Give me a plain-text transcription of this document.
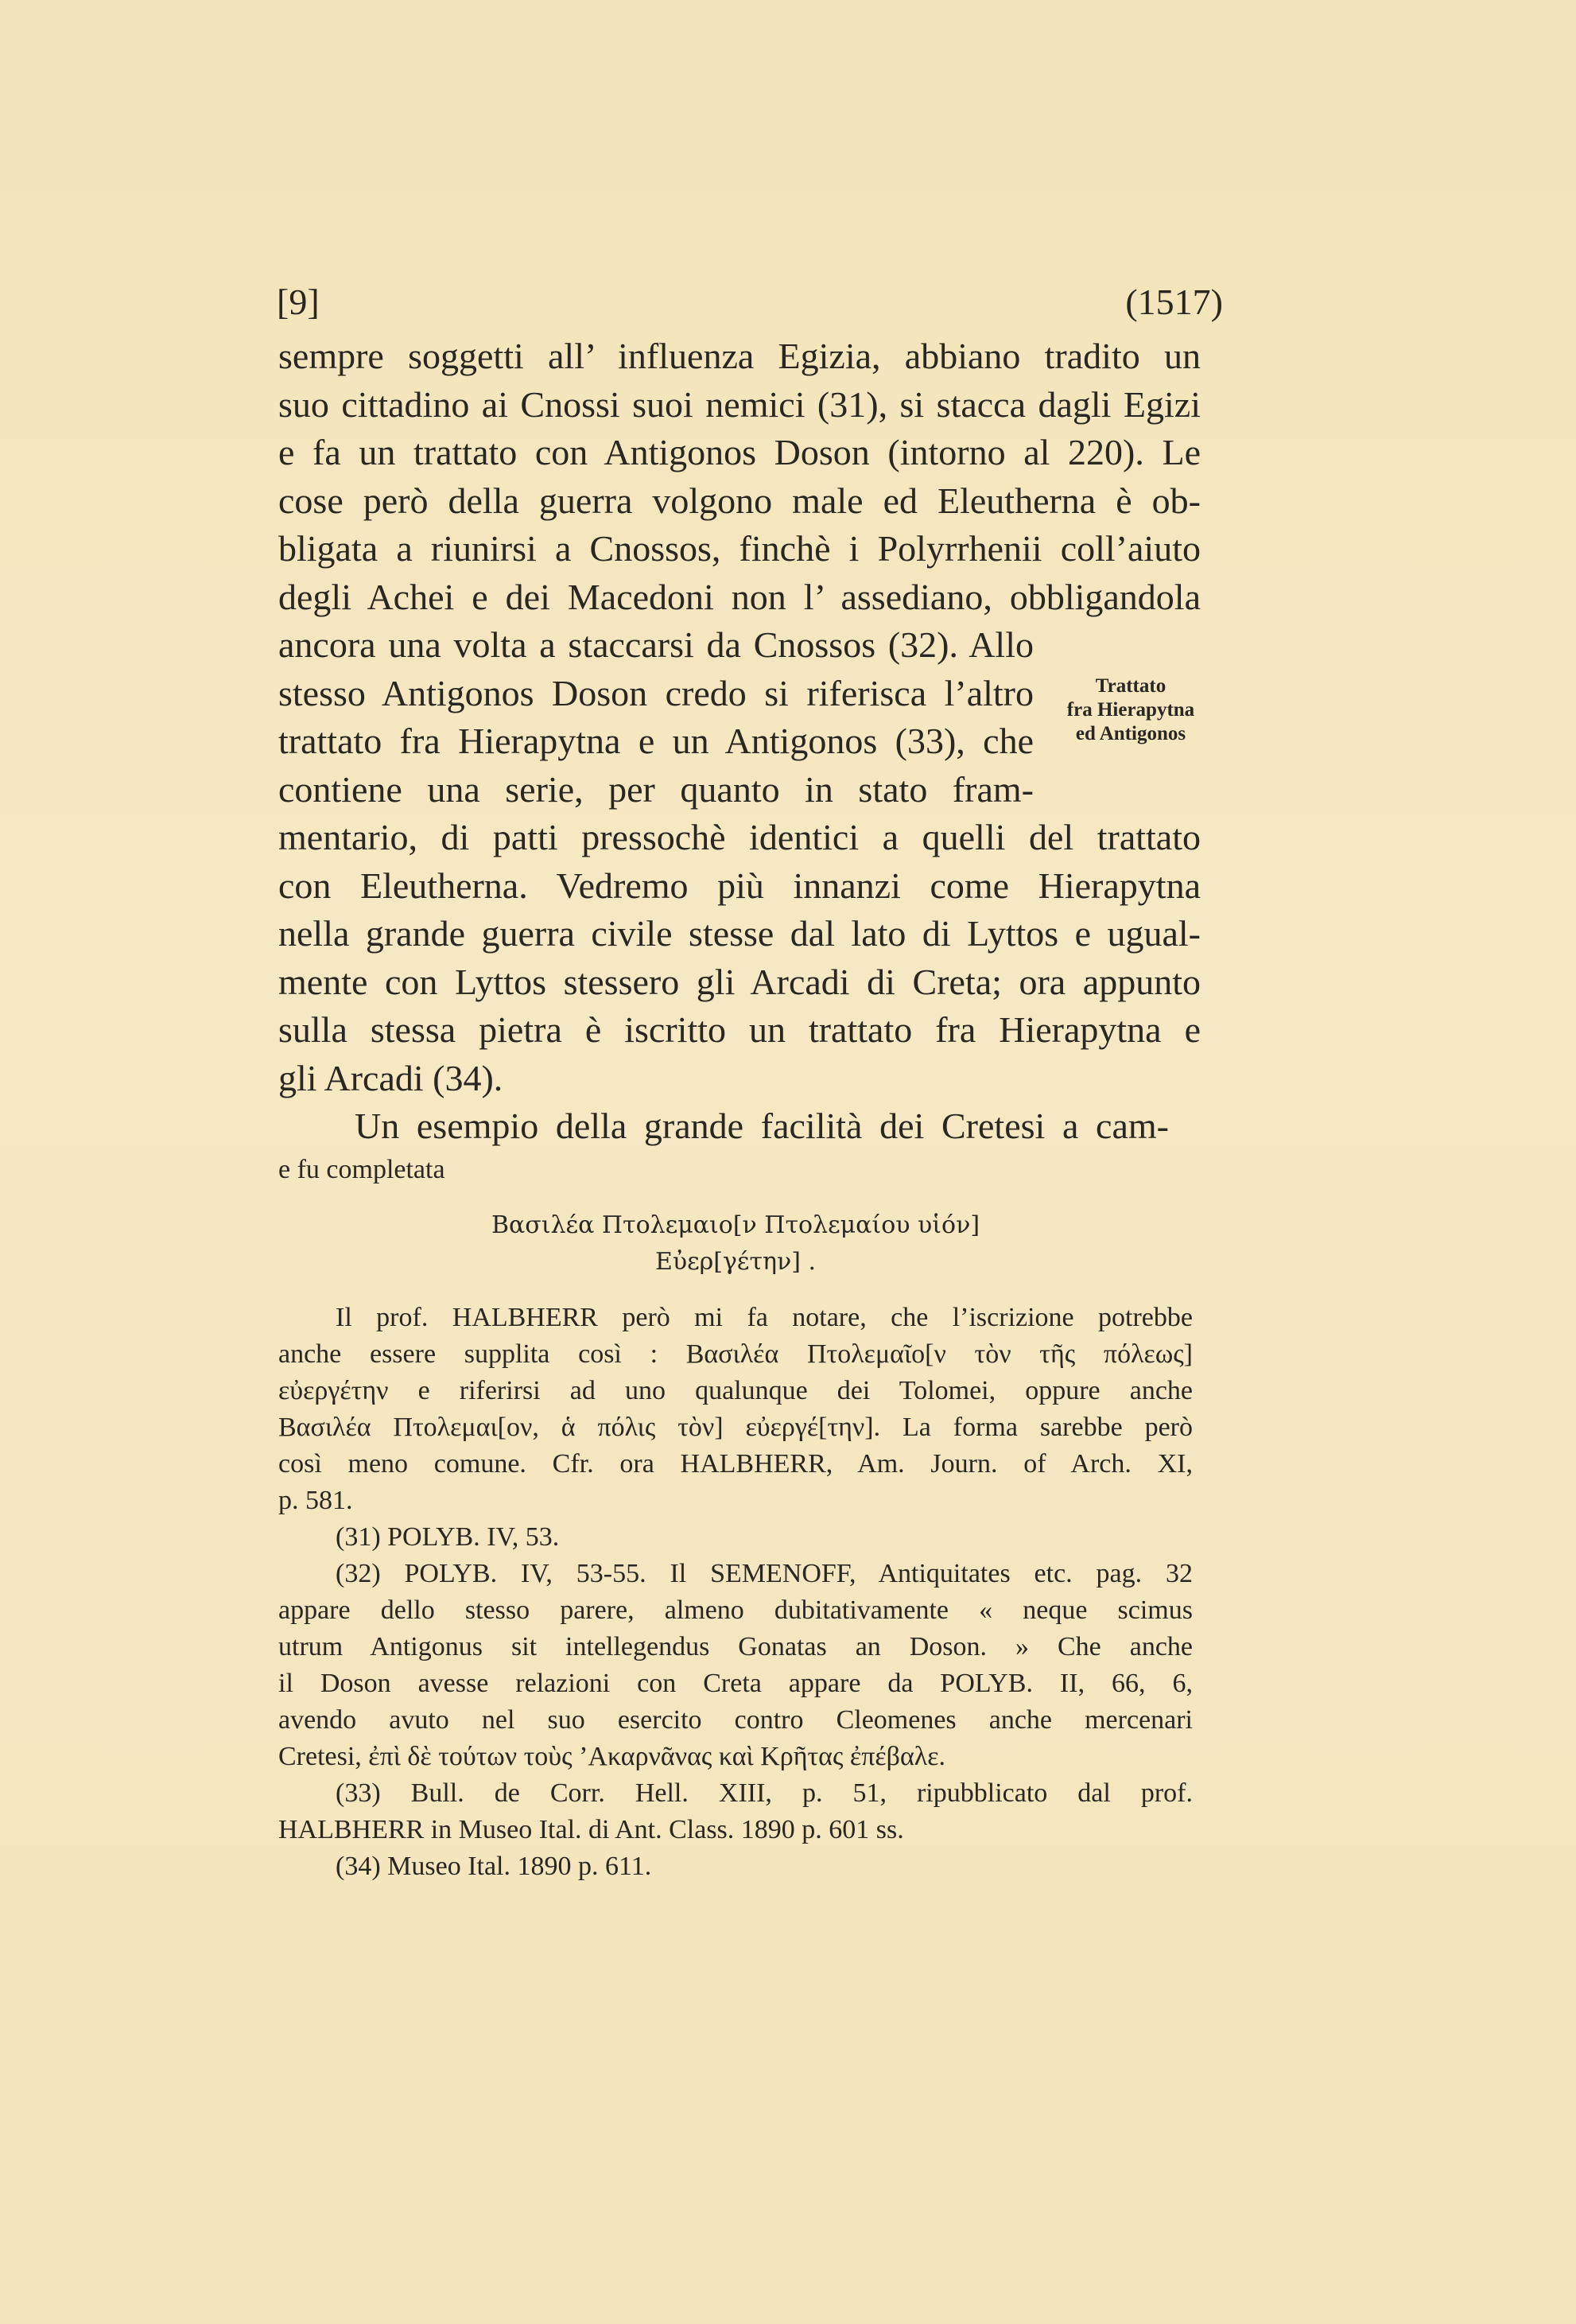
[9]	(1517)
sempre soggetti all’ influenza Egizia, abbiano tradito un
suo cittadino ai Cnossi suoi nemici (31), si stacca dagli Egizi
e fa un trattato con Antigonos Doson (intorno al 220). Le
cose però della guerra volgono male ed Eleutherna è ob-
bligata a riunirsi a Cnossos, finchè i Polyrrhenii coll’aiuto
degli Achei e dei Macedoni non l’ assediano, obbligandola
ancora una volta a staccarsi da Cnossos (32). Allo
stesso Antigonos Doson credo si riferisca l’altro
trattato fra Hierapytna e un Antigonos (33), che
contiene una serie, per quanto in stato fram-
mentario, di patti pressochè identici a quelli del trattato
con Eleutherna. Vedremo più innanzi come Hierapytna
nella grande guerra civile stesse dal lato di Lyttos e ugual-
mente con Lyttos stessero gli Arcadi di Creta; ora appunto
sulla stessa pietra è iscritto un trattato fra Hierapytna e
gli Arcadi (34).
Un esempio della grande facilità dei Cretesi a cam-
Trattato
fra Hierapytna
ed Antigonos
e fu completata
Βασιλέα Πτολεμαιο[ν Πτολεμαίου υἱόν]
Εὐερ[γέτην] .
Il prof. HALBHERR però mi fa notare, che l’iscrizione potrebbe
anche essere supplita così : Βασιλέα Πτολεμαῖο[ν τὸν τῆς πόλεως]
εὐεργέτην e riferirsi ad uno qualunque dei Tolomei, oppure anche
Βασιλέα Πτολεμαι[ον, ἁ πόλις τὸν] εὐεργέ[την]. La forma sarebbe però
così meno comune. Cfr. ora HALBHERR, Am. Journ. of Arch. XI,
p. 581.
(31) POLYB. IV, 53.
(32) POLYB. IV, 53-55. Il SEMENOFF, Antiquitates etc. pag. 32
appare dello stesso parere, almeno dubitativamente « neque scimus
utrum Antigonus sit intellegendus Gonatas an Doson. » Che anche
il Doson avesse relazioni con Creta appare da POLYB. II, 66, 6,
avendo avuto nel suo esercito contro Cleomenes anche mercenari
Cretesi, ἐπὶ δὲ τούτων τοὺς ’Ακαρνᾶνας καὶ Κρῆτας ἐπέβαλε.
(33) Bull. de Corr. Hell. XIII, p. 51, ripubblicato dal prof.
HALBHERR in Museo Ital. di Ant. Class. 1890 p. 601 ss.
(34) Museo Ital. 1890 p. 611.
